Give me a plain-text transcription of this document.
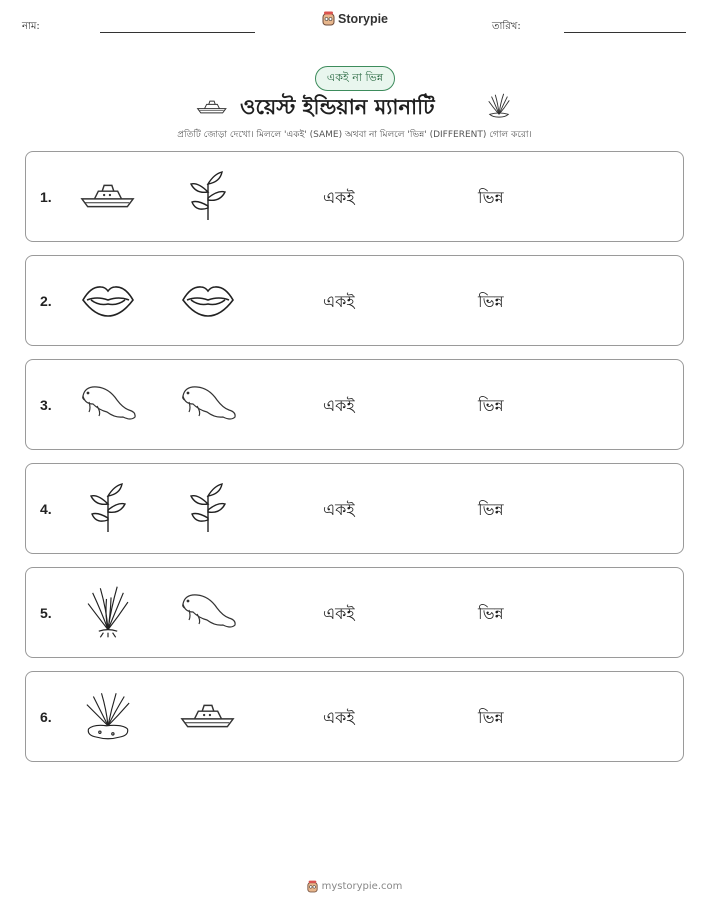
নাম:
Storypie
তারিখ:
একই না ভিন্ন
ওয়েস্ট ইন্ডিয়ান ম্যানাটি
প্রতিটি জোড়া দেখো। মিললে 'একই' (SAME) অথবা না মিললে 'ভিন্ন' (DIFFERENT) গোল করো।
1.	একই	ভিন্ন
2.	একই	ভিন্ন
3.	একই	ভিন্ন
4.	একই	ভিন্ন
5.	একই	ভিন্ন
6.	একই	ভিন্ন
mystorypie.com
